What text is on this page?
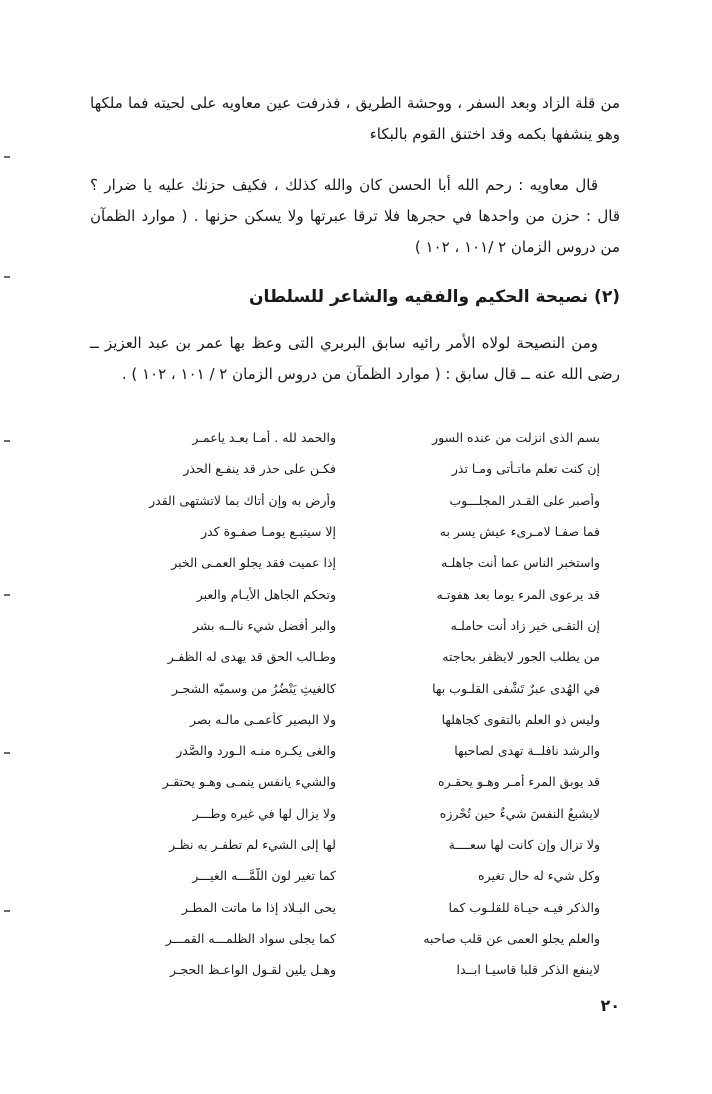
من قلة الزاد وبعد السفر ، ووحشة الطريق ، فذرفت عين معاويه على لحيته فما ملكها وهو ينشفها بكمه وقد اختنق القوم بالبكاء

قال معاويه : رحم الله أبا الحسن كان والله كذلك ، فكيف حزنك عليه يا ضرار ؟ قال : حزن من واحدها في حجرها فلا ترقا عبرتها ولا يسكن حزنها . ( موارد الظمآن من دروس الزمان ٢ /١٠١ ، ١٠٢ )

(٢) نصيحة الحكيم والفقيه والشاعر للسلطان

ومن النصيحة لولاه الأمر رائيه سابق البربري التى وعظ بها عمر بن عبد العزيز ــ رضى الله عنه ــ قال سابق : ( موارد الظمآن من دروس الزمان ٢ / ١٠١ ، ١٠٢ ) .

بسم الذى انزلت من عنده السور
والحمد لله . أمـا بعـد ياعمـر
إن كنت تعلم ماتـأتى ومـا تذر
فكـن على حذر قد ينفـع الحذر
وأصبر على القـدر المجلـــوب
وأرض به وإن أتاك بما لاتشتهى القدر
فما صفـا لامـرىء عيش يسر به
إلا سيتبـع يومـا صفـوة كدر
واستخبر الناس عما أنت جاهلـه
إذا عميت فقد يجلو العمـى الخبر
قد يرعوى المرء يوما بعد هفوتـه
وتحكم الجاهل الأيـام والعبر
إن التقـى خير زاد أنت حاملـه
والبر أفضل شيء نالــه بشر
من يطلب الجور لايظفر بحاجته
وطـالب الحق قد يهدى له الظفـر
في الهُدى عبرٌ تَشْفى القلـوب بها
كالغيثِ يَنْضُرُ من وسميّه الشجـر
وليس ذو العلم بالتقوى كجاهلها
ولا البصير كأعمـى مالـه بصر
والرشد نافلــة تهدى لصاحبها
والغى يكـره منـه الـورد والصَّدر
قد يوبق المرء أمـر وهـو يحقـره
والشيء يانفس ينمـى وهـو يحتقـر
لايشبعُ النفسَ شيءٌ حين تُحْرزه
ولا يزال لها في غيره وطـــر
ولا تزال وإن كانت لها سعــــة
لها إلى الشيء لم تطفـر به نظـر
وكل شيء له حال تغيره
كما تغير لون اللّمَّـــه الغيـــر
والذكر فيـه حيـاة للقلـوب كما
يحى البـلاد إذا ما ماتت المطـر
والعلم يجلو العمى عن قلب صاحبه
كما يجلى سواد الظلمـــه القمـــر
لاينفع الذكر قلبا قاسيـا ابــدا
وهـل يلين لقـول الواعـظ الحجـر
٢٠
